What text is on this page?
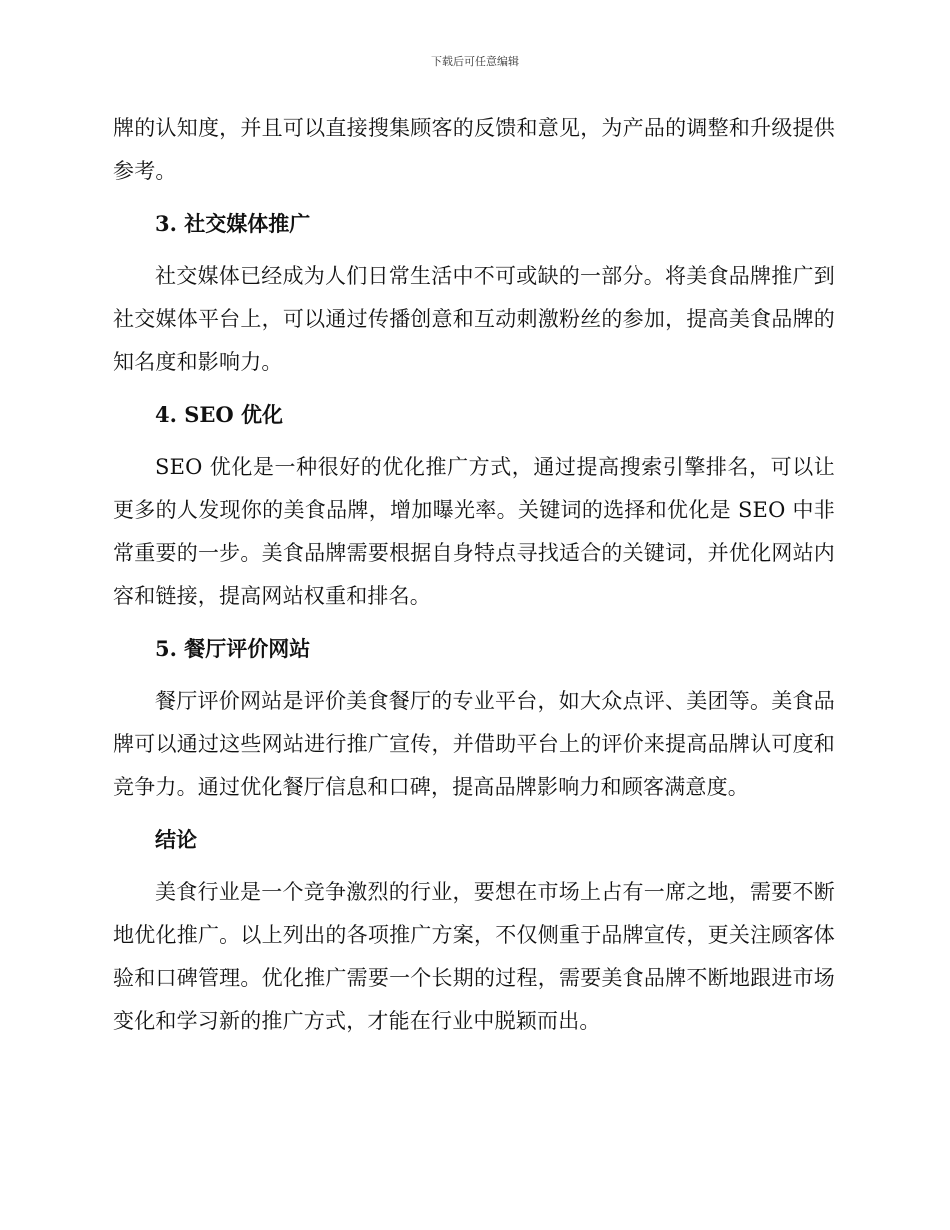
下载后可任意编辑

牌的认知度，并且可以直接搜集顾客的反馈和意见，为产品的调整和升级提供参考。

3. 社交媒体推广

社交媒体已经成为人们日常生活中不可或缺的一部分。将美食品牌推广到社交媒体平台上，可以通过传播创意和互动刺激粉丝的参加，提高美食品牌的知名度和影响力。

4. SEO 优化

SEO 优化是一种很好的优化推广方式，通过提高搜索引擎排名，可以让更多的人发现你的美食品牌，增加曝光率。关键词的选择和优化是 SEO 中非常重要的一步。美食品牌需要根据自身特点寻找适合的关键词，并优化网站内容和链接，提高网站权重和排名。

5. 餐厅评价网站

餐厅评价网站是评价美食餐厅的专业平台，如大众点评、美团等。美食品牌可以通过这些网站进行推广宣传，并借助平台上的评价来提高品牌认可度和竞争力。通过优化餐厅信息和口碑，提高品牌影响力和顾客满意度。

结论

美食行业是一个竞争激烈的行业，要想在市场上占有一席之地，需要不断地优化推广。以上列出的各项推广方案，不仅侧重于品牌宣传，更关注顾客体验和口碑管理。优化推广需要一个长期的过程，需要美食品牌不断地跟进市场变化和学习新的推广方式，才能在行业中脱颖而出。
